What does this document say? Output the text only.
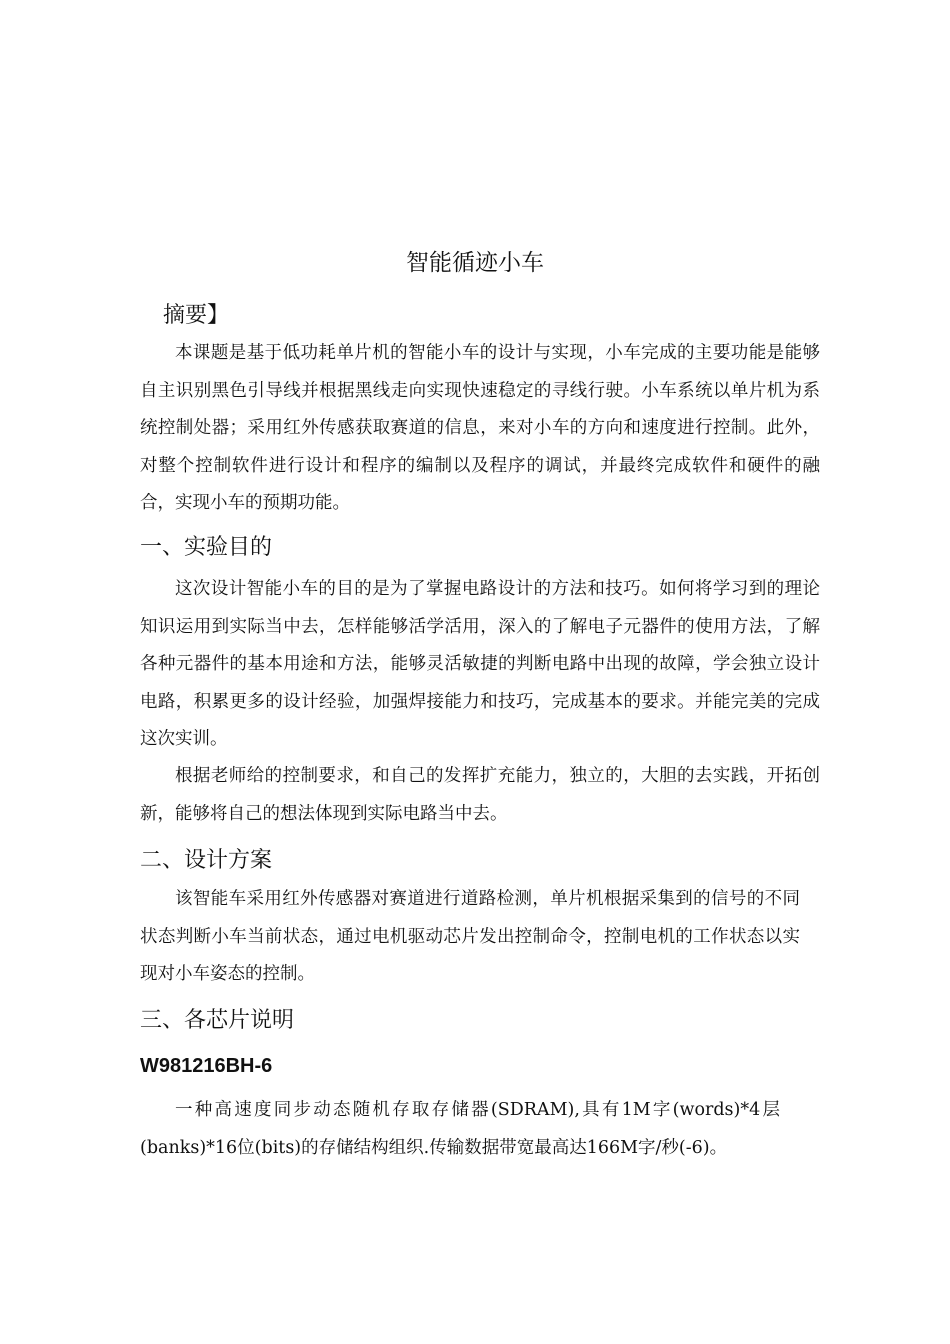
智能循迹小车
摘要】

本课题是基于低功耗单片机的智能小车的设计与实现，小车完成的主要功能是能够自主识别黑色引导线并根据黑线走向实现快速稳定的寻线行驶。小车系统以单片机为系统控制处器；采用红外传感获取赛道的信息，来对小车的方向和速度进行控制。此外，对整个控制软件进行设计和程序的编制以及程序的调试，并最终完成软件和硬件的融合，实现小车的预期功能。

一、实验目的

这次设计智能小车的目的是为了掌握电路设计的方法和技巧。如何将学习到的理论知识运用到实际当中去，怎样能够活学活用，深入的了解电子元器件的使用方法，了解各种元器件的基本用途和方法，能够灵活敏捷的判断电路中出现的故障，学会独立设计电路，积累更多的设计经验，加强焊接能力和技巧，完成基本的要求。并能完美的完成这次实训。

根据老师给的控制要求，和自己的发挥扩充能力，独立的，大胆的去实践，开拓创新，能够将自己的想法体现到实际电路当中去。

二、设计方案

该智能车采用红外传感器对赛道进行道路检测，单片机根据采集到的信号的不同状态判断小车当前状态，通过电机驱动芯片发出控制命令，控制电机的工作状态以实现对小车姿态的控制。

三、各芯片说明
W981216BH-6

一种高速度同步动态随机存取存储器(SDRAM),具有1M字(words)*4层(banks)*16位(bits)的存储结构组织.传输数据带宽最高达166M字/秒(-6)。
